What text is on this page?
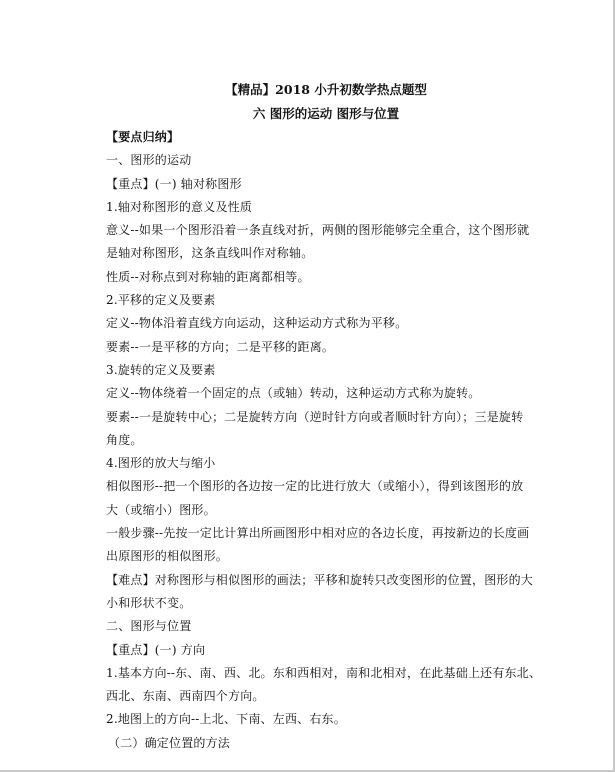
【精品】2018 小升初数学热点题型
六 图形的运动 图形与位置
【要点归纳】
一、图形的运动
【重点】(一) 轴对称图形
1.轴对称图形的意义及性质
意义--如果一个图形沿着一条直线对折，两侧的图形能够完全重合，这个图形就
是轴对称图形，这条直线叫作对称轴。
性质--对称点到对称轴的距离都相等。
2.平移的定义及要素
定义--物体沿着直线方向运动，这种运动方式称为平移。
要素--一是平移的方向；二是平移的距离。
3.旋转的定义及要素
定义--物体绕着一个固定的点（或轴）转动，这种运动方式称为旋转。
要素--一是旋转中心；二是旋转方向（逆时针方向或者顺时针方向）；三是旋转
角度。
4.图形的放大与缩小
相似图形--把一个图形的各边按一定的比进行放大（或缩小），得到该图形的放
大（或缩小）图形。
一般步骤--先按一定比计算出所画图形中相对应的各边长度，再按新边的长度画
出原图形的相似图形。
【难点】对称图形与相似图形的画法；平移和旋转只改变图形的位置，图形的大
小和形状不变。
二、图形与位置
【重点】(一) 方向
1.基本方向--东、南、西、北。东和西相对，南和北相对，在此基础上还有东北、
西北、东南、西南四个方向。
2.地图上的方向--上北、下南、左西、右东。
（二）确定位置的方法
